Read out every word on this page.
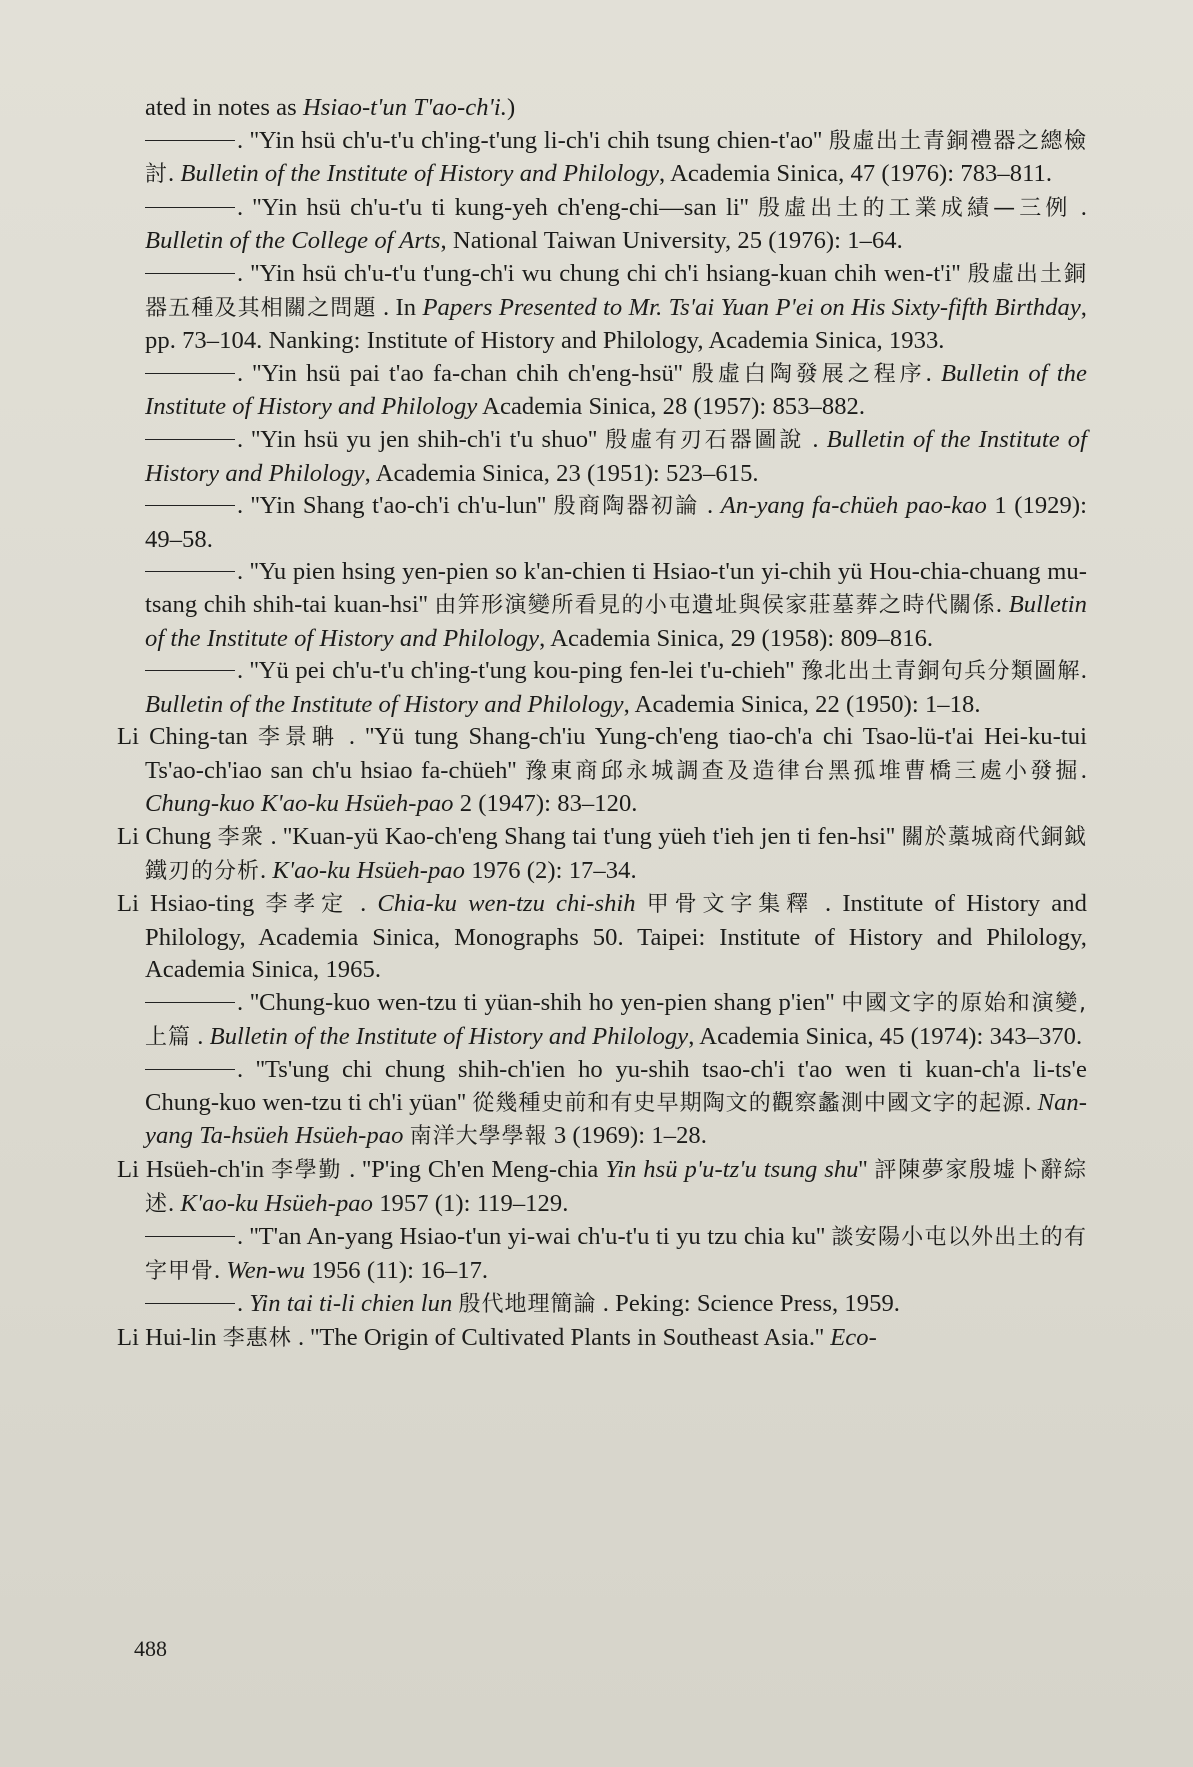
ated in notes as Hsiao-t'un T'ao-ch'i.)
. ''Yin hsü ch'u-t'u ch'ing-t'ung li-ch'i chih tsung chien-t'ao'' 殷虛出土青銅禮器之總檢討. Bulletin of the Institute of History and Philology, Academia Sinica, 47 (1976): 783–811.
. ''Yin hsü ch'u-t'u ti kung-yeh ch'eng-chi—san li'' 殷虛出土的工業成績—三例 . Bulletin of the College of Arts, National Taiwan University, 25 (1976): 1–64.
. ''Yin hsü ch'u-t'u t'ung-ch'i wu chung chi ch'i hsiang-kuan chih wen-t'i'' 殷虛出土銅器五種及其相關之問題 . In Papers Presented to Mr. Ts'ai Yuan P'ei on His Sixty-fifth Birthday, pp. 73–104. Nanking: Institute of History and Philology, Academia Sinica, 1933.
. ''Yin hsü pai t'ao fa-chan chih ch'eng-hsü'' 殷虛白陶發展之程序. Bulletin of the Institute of History and Philology Academia Sinica, 28 (1957): 853–882.
. ''Yin hsü yu jen shih-ch'i t'u shuo'' 殷虛有刃石器圖說 . Bulletin of the Institute of History and Philology, Academia Sinica, 23 (1951): 523–615.
. ''Yin Shang t'ao-ch'i ch'u-lun'' 殷商陶器初論 . An-yang fa-chüeh pao-kao 1 (1929): 49–58.
. ''Yu pien hsing yen-pien so k'an-chien ti Hsiao-t'un yi-chih yü Hou-chia-chuang mu-tsang chih shih-tai kuan-hsi'' 由笄形演變所看見的小屯遺址與侯家莊墓葬之時代關係. Bulletin of the Institute of History and Philology, Academia Sinica, 29 (1958): 809–816.
. ''Yü pei ch'u-t'u ch'ing-t'ung kou-ping fen-lei t'u-chieh'' 豫北出土青銅句兵分類圖解. Bulletin of the Institute of History and Philology, Academia Sinica, 22 (1950): 1–18.
Li Ching-tan 李景聃 . ''Yü tung Shang-ch'iu Yung-ch'eng tiao-ch'a chi Tsao-lü-t'ai Hei-ku-tui Ts'ao-ch'iao san ch'u hsiao fa-chüeh'' 豫東商邱永城調查及造律台黑孤堆曹橋三處小發掘. Chung-kuo K'ao-ku Hsüeh-pao 2 (1947): 83–120.
Li Chung 李衆 . ''Kuan-yü Kao-ch'eng Shang tai t'ung yüeh t'ieh jen ti fen-hsi'' 關於藁城商代銅鉞鐵刃的分析. K'ao-ku Hsüeh-pao 1976 (2): 17–34.
Li Hsiao-ting 李孝定 . Chia-ku wen-tzu chi-shih 甲骨文字集釋 . Institute of History and Philology, Academia Sinica, Monographs 50. Taipei: Institute of History and Philology, Academia Sinica, 1965.
. ''Chung-kuo wen-tzu ti yüan-shih ho yen-pien shang p'ien'' 中國文字的原始和演變,上篇 . Bulletin of the Institute of History and Philology, Academia Sinica, 45 (1974): 343–370.
. ''Ts'ung chi chung shih-ch'ien ho yu-shih tsao-ch'i t'ao wen ti kuan-ch'a li-ts'e Chung-kuo wen-tzu ti ch'i yüan'' 從幾種史前和有史早期陶文的觀察蠡測中國文字的起源. Nan-yang Ta-hsüeh Hsüeh-pao 南洋大學學報 3 (1969): 1–28.
Li Hsüeh-ch'in 李學勤 . ''P'ing Ch'en Meng-chia Yin hsü p'u-tz'u tsung shu'' 評陳夢家殷墟卜辭綜述. K'ao-ku Hsüeh-pao 1957 (1): 119–129.
. ''T'an An-yang Hsiao-t'un yi-wai ch'u-t'u ti yu tzu chia ku'' 談安陽小屯以外出土的有字甲骨. Wen-wu 1956 (11): 16–17.
. Yin tai ti-li chien lun 殷代地理簡論 . Peking: Science Press, 1959.
Li Hui-lin 李惠林 . ''The Origin of Cultivated Plants in Southeast Asia.'' Eco-
488
